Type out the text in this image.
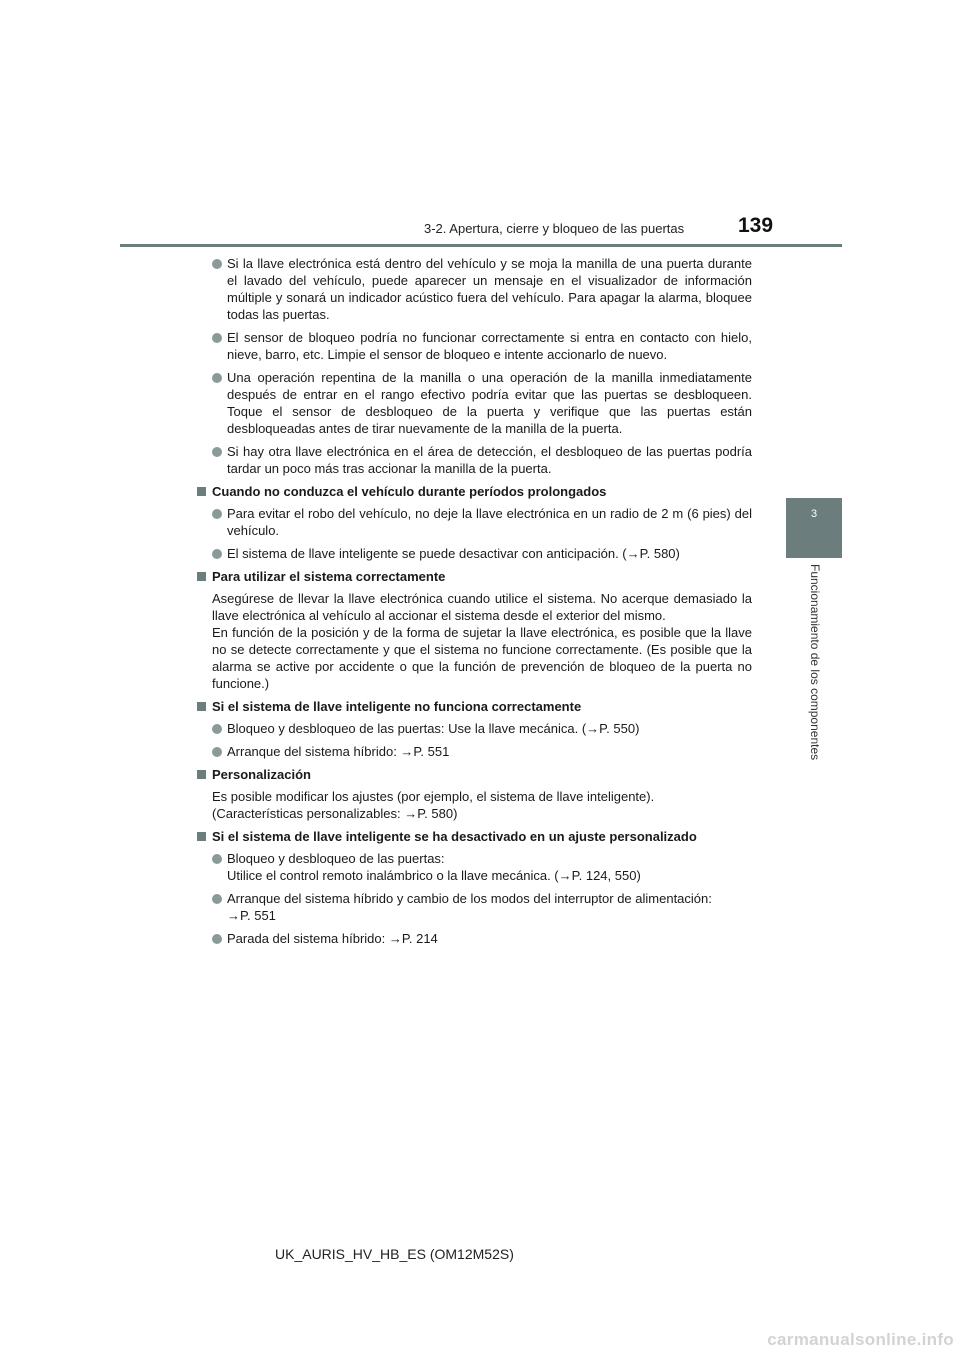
3-2. Apertura, cierre y bloqueo de las puertas	139
3
Funcionamiento de los componentes
Si la llave electrónica está dentro del vehículo y se moja la manilla de una puerta durante el lavado del vehículo, puede aparecer un mensaje en el visualizador de información múltiple y sonará un indicador acústico fuera del vehículo. Para apagar la alarma, bloquee todas las puertas.
El sensor de bloqueo podría no funcionar correctamente si entra en contacto con hielo, nieve, barro, etc. Limpie el sensor de bloqueo e intente accionarlo de nuevo.
Una operación repentina de la manilla o una operación de la manilla inmediatamente después de entrar en el rango efectivo podría evitar que las puertas se desbloqueen. Toque el sensor de desbloqueo de la puerta y verifique que las puertas están desbloqueadas antes de tirar nuevamente de la manilla de la puerta.
Si hay otra llave electrónica en el área de detección, el desbloqueo de las puertas podría tardar un poco más tras accionar la manilla de la puerta.
Cuando no conduzca el vehículo durante períodos prolongados
Para evitar el robo del vehículo, no deje la llave electrónica en un radio de 2 m (6 pies) del vehículo.
El sistema de llave inteligente se puede desactivar con anticipación. (→P. 580)
Para utilizar el sistema correctamente
Asegúrese de llevar la llave electrónica cuando utilice el sistema. No acerque demasiado la llave electrónica al vehículo al accionar el sistema desde el exterior del mismo.
En función de la posición y de la forma de sujetar la llave electrónica, es posible que la llave no se detecte correctamente y que el sistema no funcione correctamente. (Es posible que la alarma se active por accidente o que la función de prevención de bloqueo de la puerta no funcione.)
Si el sistema de llave inteligente no funciona correctamente
Bloqueo y desbloqueo de las puertas: Use la llave mecánica. (→P. 550)
Arranque del sistema híbrido: →P. 551
Personalización
Es posible modificar los ajustes (por ejemplo, el sistema de llave inteligente).
(Características personalizables: →P. 580)
Si el sistema de llave inteligente se ha desactivado en un ajuste personalizado
Bloqueo y desbloqueo de las puertas:
Utilice el control remoto inalámbrico o la llave mecánica. (→P. 124, 550)
Arranque del sistema híbrido y cambio de los modos del interruptor de alimentación:
→P. 551
Parada del sistema híbrido: →P. 214
UK_AURIS_HV_HB_ES (OM12M52S)
carmanualsonline.info
